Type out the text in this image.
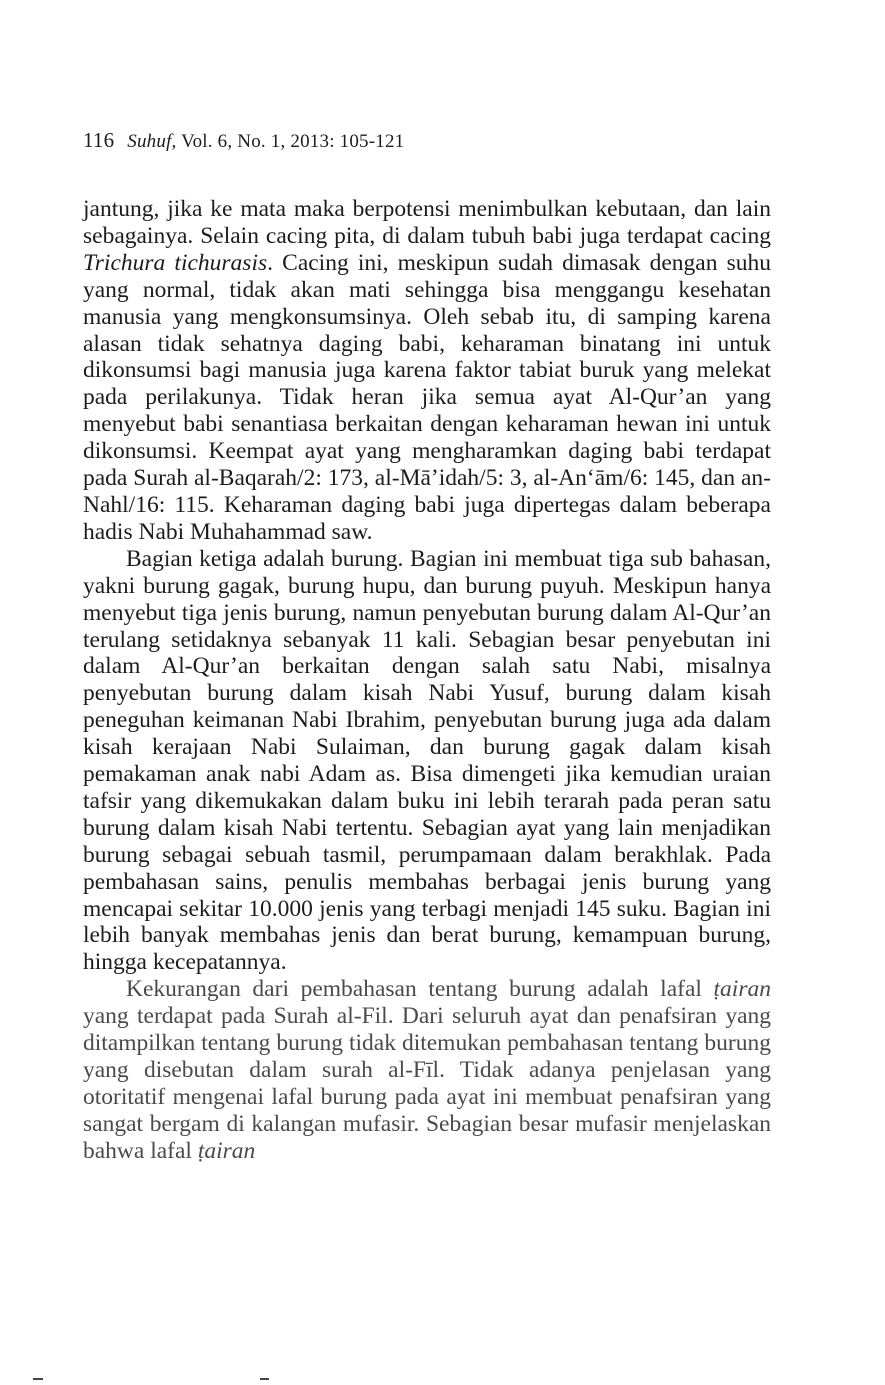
116 Suhuf, Vol. 6, No. 1, 2013: 105-121

jantung, jika ke mata maka berpotensi menimbulkan kebutaan, dan lain sebagainya. Selain cacing pita, di dalam tubuh babi juga terdapat cacing Trichura tichurasis. Cacing ini, meskipun sudah dimasak dengan suhu yang normal, tidak akan mati sehingga bisa menggangu kesehatan manusia yang mengkonsumsinya. Oleh sebab itu, di samping karena alasan tidak sehatnya daging babi, keharaman binatang ini untuk dikonsumsi bagi manusia juga karena faktor tabiat buruk yang melekat pada perilakunya. Tidak heran jika semua ayat Al-Qur’an yang menyebut babi senantiasa berkaitan dengan keharaman hewan ini untuk dikonsumsi. Keempat ayat yang mengharamkan daging babi terdapat pada Surah al-Baqarah/2: 173, al-Mā’idah/5: 3, al-An‘ām/6: 145, dan an-Nahl/16: 115. Keharaman daging babi juga dipertegas dalam beberapa hadis Nabi Muhahammad saw.

Bagian ketiga adalah burung. Bagian ini membuat tiga sub bahasan, yakni burung gagak, burung hupu, dan burung puyuh. Meskipun hanya menyebut tiga jenis burung, namun penyebutan burung dalam Al-Qur’an terulang setidaknya sebanyak 11 kali. Sebagian besar penyebutan ini dalam Al-Qur’an berkaitan dengan salah satu Nabi, misalnya penyebutan burung dalam kisah Nabi Yusuf, burung dalam kisah peneguhan keimanan Nabi Ibrahim, penyebutan burung juga ada dalam kisah kerajaan Nabi Sulaiman, dan burung gagak dalam kisah pemakaman anak nabi Adam as. Bisa dimengeti jika kemudian uraian tafsir yang dikemukakan dalam buku ini lebih terarah pada peran satu burung dalam kisah Nabi tertentu. Sebagian ayat yang lain menjadikan burung sebagai sebuah tasmil, perumpamaan dalam berakhlak. Pada pembahasan sains, penulis membahas berbagai jenis burung yang mencapai sekitar 10.000 jenis yang terbagi menjadi 145 suku. Bagian ini lebih banyak membahas jenis dan berat burung, kemampuan burung, hingga kecepatannya.

Kekurangan dari pembahasan tentang burung adalah lafal ṭairan yang terdapat pada Surah al-Fil. Dari seluruh ayat dan penafsiran yang ditampilkan tentang burung tidak ditemukan pembahasan tentang burung yang disebutan dalam surah al-Fīl. Tidak adanya penjelasan yang otoritatif mengenai lafal burung pada ayat ini membuat penafsiran yang sangat bergam di kalangan mufasir. Sebagian besar mufasir menjelaskan bahwa lafal ṭairan
